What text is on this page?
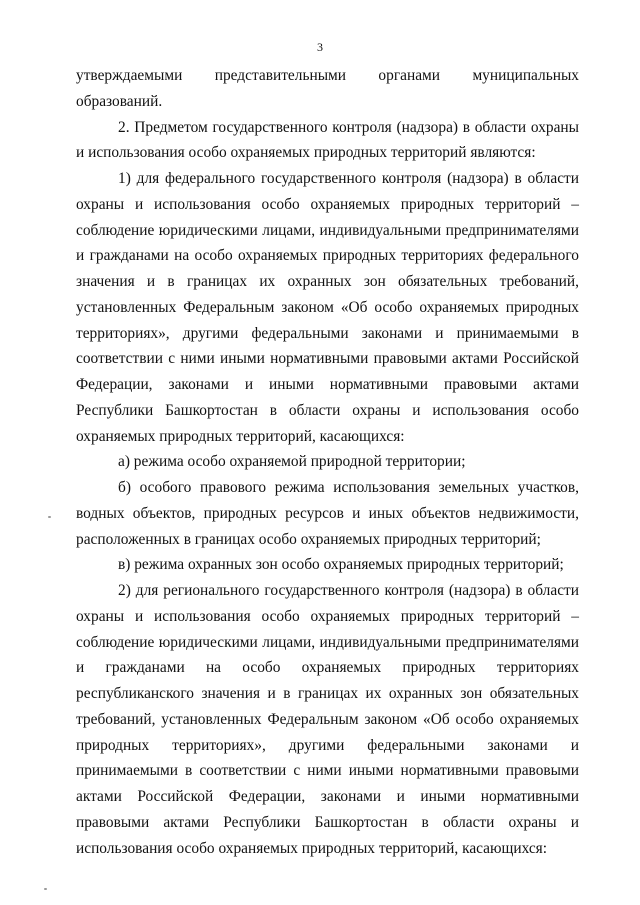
3

утверждаемыми представительными органами муниципальных образований.

2. Предметом государственного контроля (надзора) в области охраны и использования особо охраняемых природных территорий являются:

1) для федерального государственного контроля (надзора) в области охраны и использования особо охраняемых природных территорий – соблюдение юридическими лицами, индивидуальными предпринимателями и гражданами на особо охраняемых природных территориях федерального значения и в границах их охранных зон обязательных требований, установленных Федеральным законом «Об особо охраняемых природных территориях», другими федеральными законами и принимаемыми в соответствии с ними иными нормативными правовыми актами Российской Федерации, законами и иными нормативными правовыми актами Республики Башкортостан в области охраны и использования особо охраняемых природных территорий, касающихся:

а) режима особо охраняемой природной территории;

б) особого правового режима использования земельных участков, водных объектов, природных ресурсов и иных объектов недвижимости, расположенных в границах особо охраняемых природных территорий;

в) режима охранных зон особо охраняемых природных территорий;

2) для регионального государственного контроля (надзора) в области охраны и использования особо охраняемых природных территорий – соблюдение юридическими лицами, индивидуальными предпринимателями и гражданами на особо охраняемых природных территориях республиканского значения и в границах их охранных зон обязательных требований, установленных Федеральным законом «Об особо охраняемых природных территориях», другими федеральными законами и принимаемыми в соответствии с ними иными нормативными правовыми актами Российской Федерации, законами и иными нормативными правовыми актами Республики Башкортостан в области охраны и использования особо охраняемых природных территорий, касающихся:
